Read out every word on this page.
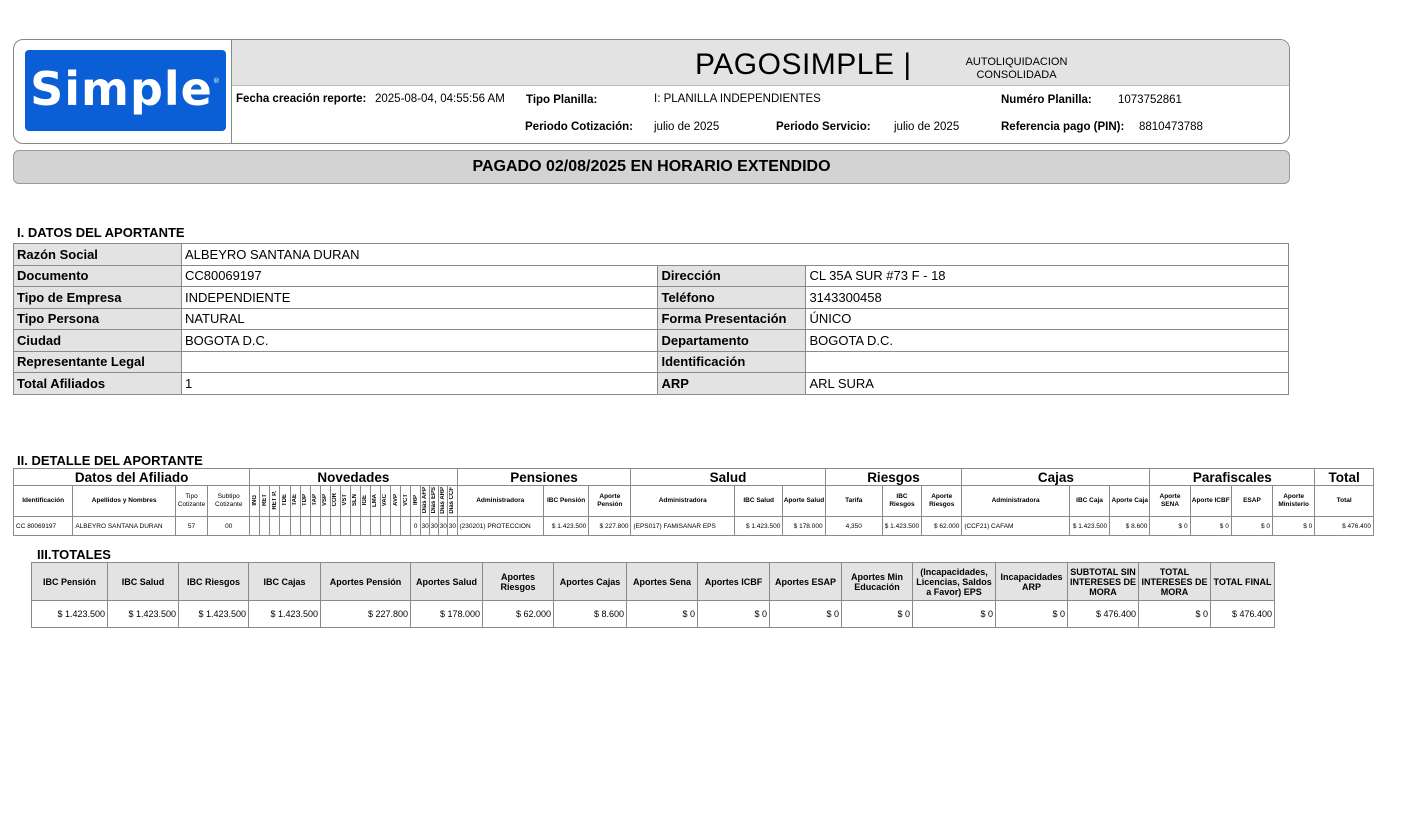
Simple®	PAGOSIMPLE |	AUTOLIQUIDACION
CONSOLIDADA
Fecha creación reporte: 2025-08-04, 04:55:56 AM Tipo Planilla:	I: PLANILLA INDEPENDIENTES	Numéro Planilla: 1073752861
Periodo Cotización: julio de 2025	Periodo Servicio: julio de 2025	Referencia pago (PIN): 8810473788
PAGADO 02/08/2025 EN HORARIO EXTENDIDO
I. DATOS DEL APORTANTE
Razón Social	ALBEYRO SANTANA DURAN		
Documento	CC80069197	Dirección	CL 35A SUR #73 F - 18
Tipo de Empresa	INDEPENDIENTE	Teléfono	3143300458
Tipo Persona	NATURAL	Forma Presentación	ÚNICO
Ciudad	BOGOTA D.C.	Departamento	BOGOTA D.C.
Representante Legal		Identificación	
Total Afiliados	1	ARP	ARL SURA
II. DETALLE DEL APORTANTE
Datos del Afiliado				Novedades																					Pensiones			Salud			Riesgos			Cajas			Parafiscales				Total
Identificación	Apellidos y Nombres	Tipo Cotizante	Subtipo Cotizante	ING	RET	RET P.	TDE	TAE	TDP	TAP	VSP	COR	VST	SLN	IGE	LMA	VAC	AVP	VCT	IRP	Días AFP	Días EPS	Días ARP	Días CCF	Administradora	IBC Pensión	Aporte Pensión	Administradora	IBC Salud	Aporte Salud	Tarifa	IBC Riesgos	Aporte Riesgos	Administradora	IBC Caja	Aporte Caja	Aporte SENA	Aporte ICBF	ESAP	Aporte Ministerio	Total
CC 80069197	ALBEYRO SANTANA DURAN	57	00																	0	30	30	30	30	(230201) PROTECCION	$ 1.423.500	$ 227.800	(EPS017) FAMISANAR EPS	$ 1.423.500	$ 178.000	4,350	$ 1.423.500	$ 62.000	(CCF21) CAFAM	$ 1.423.500	$ 8.600	$ 0	$ 0	$ 0	$ 0	$ 476.400
III.TOTALES
IBC Pensión	IBC Salud	IBC Riesgos	IBC Cajas	Aportes Pensión	Aportes Salud	Aportes Riesgos	Aportes Cajas	Aportes Sena	Aportes ICBF	Aportes ESAP	Aportes Min Educación	(Incapacidades, Licencias, Saldos a Favor) EPS	Incapacidades ARP	SUBTOTAL SIN INTERESES DE MORA	TOTAL INTERESES DE MORA	TOTAL FINAL
$ 1.423.500	$ 1.423.500	$ 1.423.500	$ 1.423.500	$ 227.800	$ 178.000	$ 62.000	$ 8.600	$ 0	$ 0	$ 0	$ 0	$ 0	$ 0	$ 476.400	$ 0	$ 476.400
